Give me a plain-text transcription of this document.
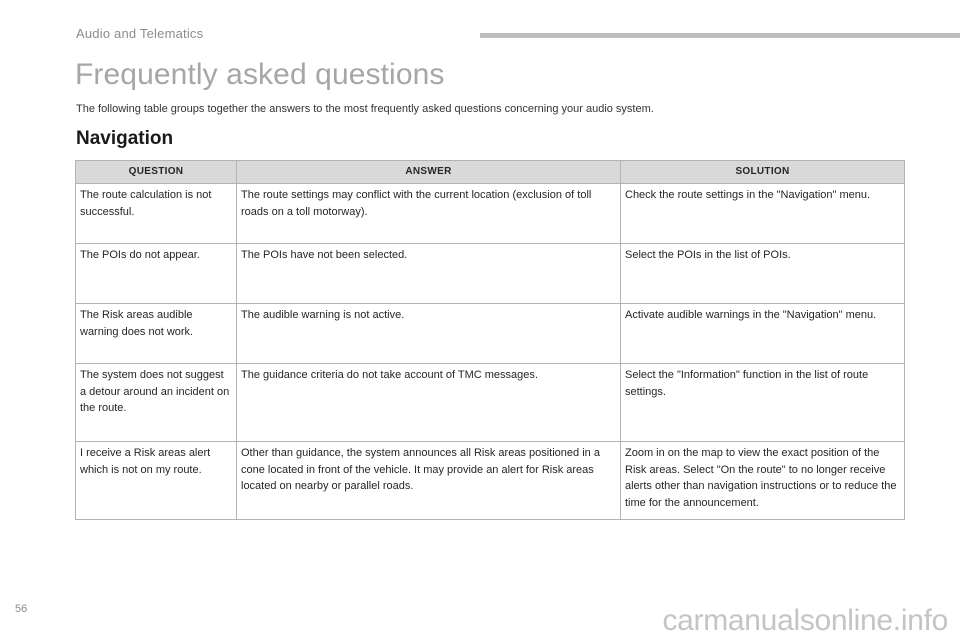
Audio and Telematics
Frequently asked questions

The following table groups together the answers to the most frequently asked questions concerning your audio system.

Navigation
QUESTION	ANSWER	SOLUTION
The route calculation is not successful.	The route settings may conflict with the current location (exclusion of toll roads on a toll motorway).	Check the route settings in the "Navigation" menu.
The POIs do not appear.	The POIs have not been selected.	Select the POIs in the list of POIs.
The Risk areas audible warning does not work.	The audible warning is not active.	Activate audible warnings in the "Navigation" menu.
The system does not suggest a detour around an incident on the route.	The guidance criteria do not take account of TMC messages.	Select the "Information" function in the list of route settings.
I receive a Risk areas alert which is not on my route.	Other than guidance, the system announces all Risk areas positioned in a cone located in front of the vehicle. It may provide an alert for Risk areas located on nearby or parallel roads.	Zoom in on the map to view the exact position of the Risk areas. Select "On the route" to no longer receive alerts other than navigation instructions or to reduce the time for the announcement.
56	carmanualsonline.info
